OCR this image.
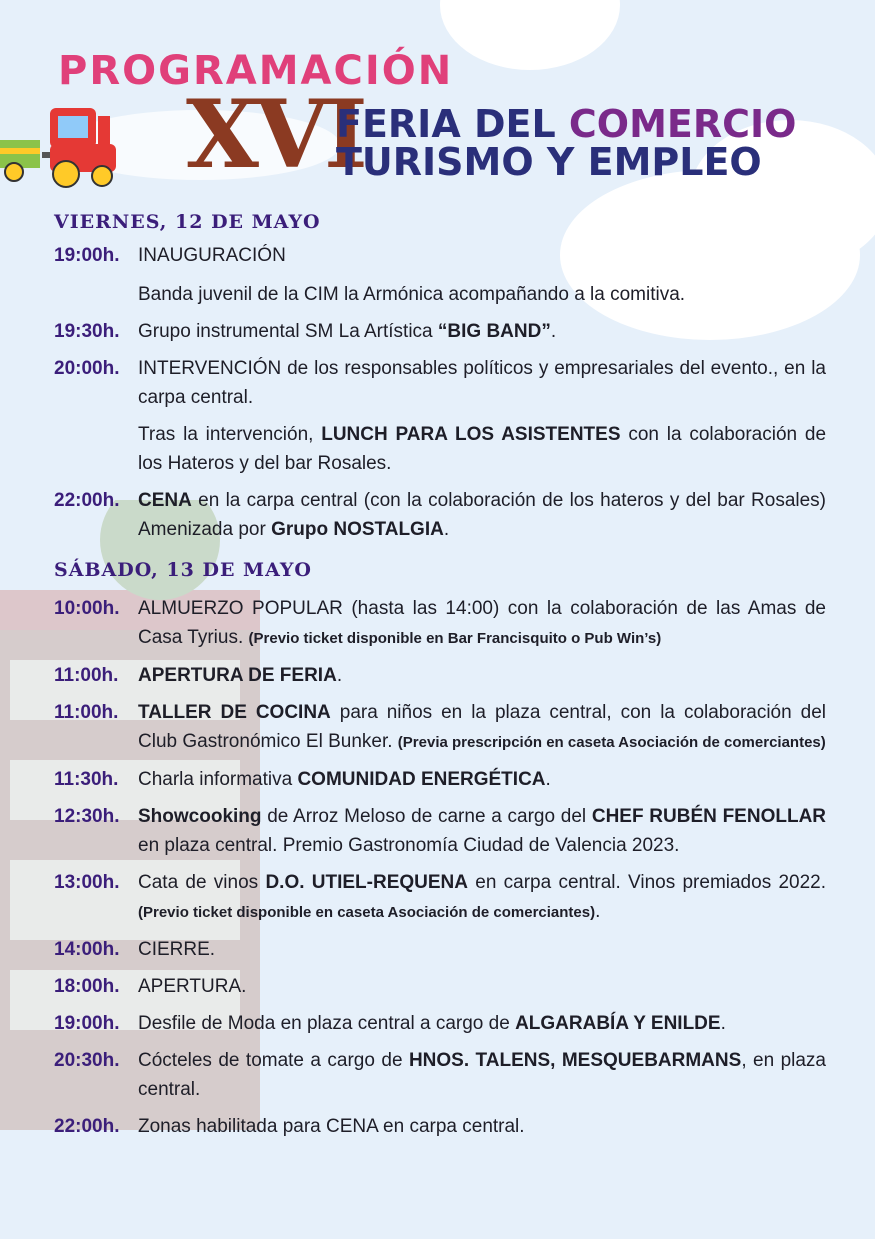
PROGRAMACIÓN
XVI
FERIA DEL COMERCIO
TURISMO Y EMPLEO
VIERNES, 12 DE MAYO

19:00h. INAUGURACIÓN

Banda juvenil de la CIM la Armónica acompañando a la comitiva.

19:30h. Grupo instrumental SM La Artística “BIG BAND”.

20:00h. INTERVENCIÓN de los responsables políticos y empresariales del evento., en la carpa central.

Tras la intervención, LUNCH PARA LOS ASISTENTES con la colaboración de los Hateros y del bar Rosales.

22:00h. CENA en la carpa central (con la colaboración de los hateros y del bar Rosales) Amenizada por Grupo NOSTALGIA.

SÁBADO, 13 DE MAYO

10:00h. ALMUERZO POPULAR (hasta las 14:00) con la colaboración de las Amas de Casa Tyrius. (Previo ticket disponible en Bar Francisquito o Pub Win’s)

11:00h.	APERTURA DE FERIA.

11:00h.	TALLER DE COCINA para niños en la plaza central, con la colaboración del Club Gastronómico El Bunker. (Previa prescripción en caseta Asociación de comerciantes)

11:30h.	Charla informativa COMUNIDAD ENERGÉTICA.

12:30h. Showcooking de Arroz Meloso de carne a cargo del CHEF RUBÉN FENOLLAR en plaza central. Premio Gastronomía Ciudad de Valencia 2023.

13:00h. Cata de vinos D.O. UTIEL-REQUENA en carpa central. Vinos premiados 2022. (Previo ticket disponible en caseta Asociación de comerciantes).

14:00h. CIERRE.

18:00h. APERTURA.

19:00h. Desfile de Moda en plaza central a cargo de ALGARABÍA Y ENILDE.

20:30h. Cócteles de tomate a cargo de HNOS. TALENS, MESQUEBARMANS, en plaza central.

22:00h. Zonas habilitada para CENA en carpa central.
